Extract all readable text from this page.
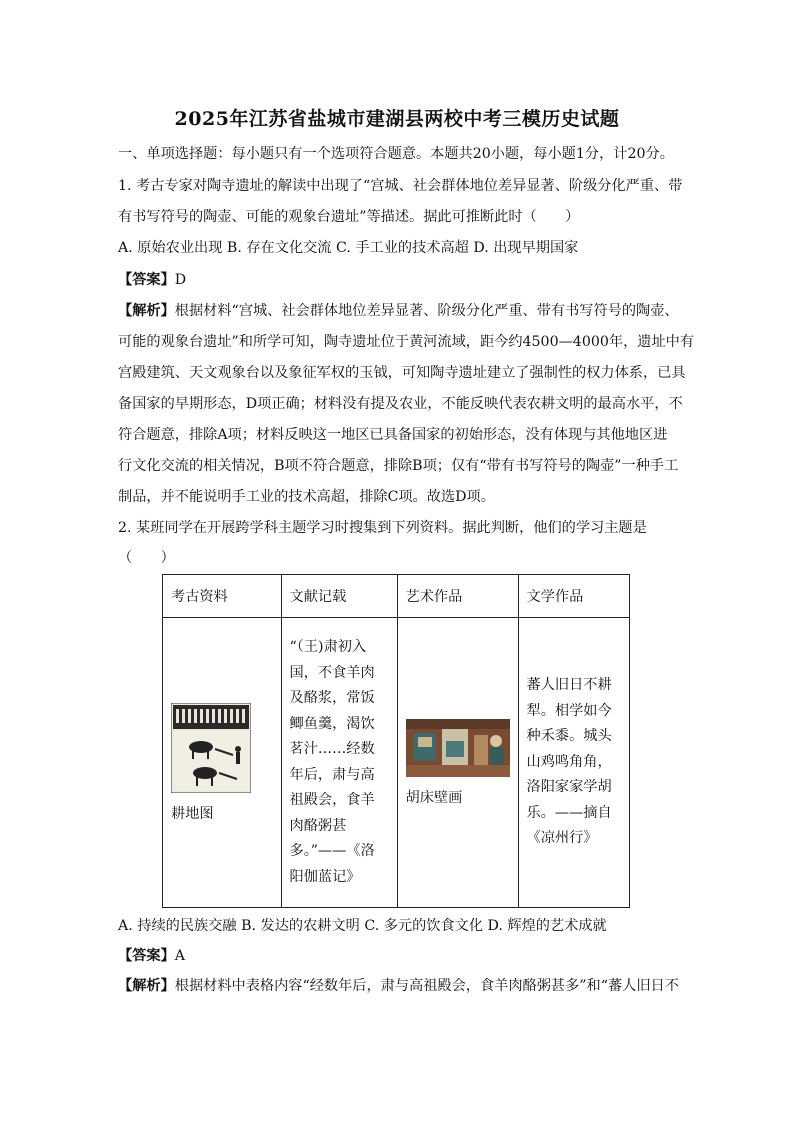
2025年江苏省盐城市建湖县两校中考三模历史试题
一、单项选择题：每小题只有一个选项符合题意。本题共20小题，每小题1分，计20分。
1. 考古专家对陶寺遗址的解读中出现了“宫城、社会群体地位差异显著、阶级分化严重、带
有书写符号的陶壶、可能的观象台遗址”等描述。据此可推断此时（　　）
A. 原始农业出现 B. 存在文化交流 C. 手工业的技术高超 D. 出现早期国家
【答案】D
【解析】根据材料“宫城、社会群体地位差异显著、阶级分化严重、带有书写符号的陶壶、
可能的观象台遗址”和所学可知，陶寺遗址位于黄河流域，距今约4500—4000年，遗址中有
宫殿建筑、天文观象台以及象征军权的玉钺，可知陶寺遗址建立了强制性的权力体系，已具
备国家的早期形态，D项正确；材料没有提及农业，不能反映代表农耕文明的最高水平，不
符合题意，排除A项；材料反映这一地区已具备国家的初始形态，没有体现与其他地区进
行文化交流的相关情况，B项不符合题意，排除B项；仅有“带有书写符号的陶壶”一种手工
制品，并不能说明手工业的技术高超，排除C项。故选D项。
2. 某班同学在开展跨学科主题学习时搜集到下列资料。据此判断，他们的学习主题是
（　　）
考古资料	文献记载	艺术作品	文学作品

耕地图	“（王)肃初入国，不食羊肉及酪浆，常饭鲫鱼羹，渴饮茗汁……经数年后，肃与高祖殿会，食羊肉酪粥甚多。”——《洛阳伽蓝记》	胡床壁画	蕃人旧日不耕犁。相学如今种禾黍。城头山鸡鸣角角，洛阳家家学胡乐。——摘自《凉州行》
A. 持续的民族交融 B. 发达的农耕文明 C. 多元的饮食文化 D. 辉煌的艺术成就
【答案】A
【解析】根据材料中表格内容“经数年后，肃与高祖殿会，食羊肉酪粥甚多”和“蕃人旧日不
